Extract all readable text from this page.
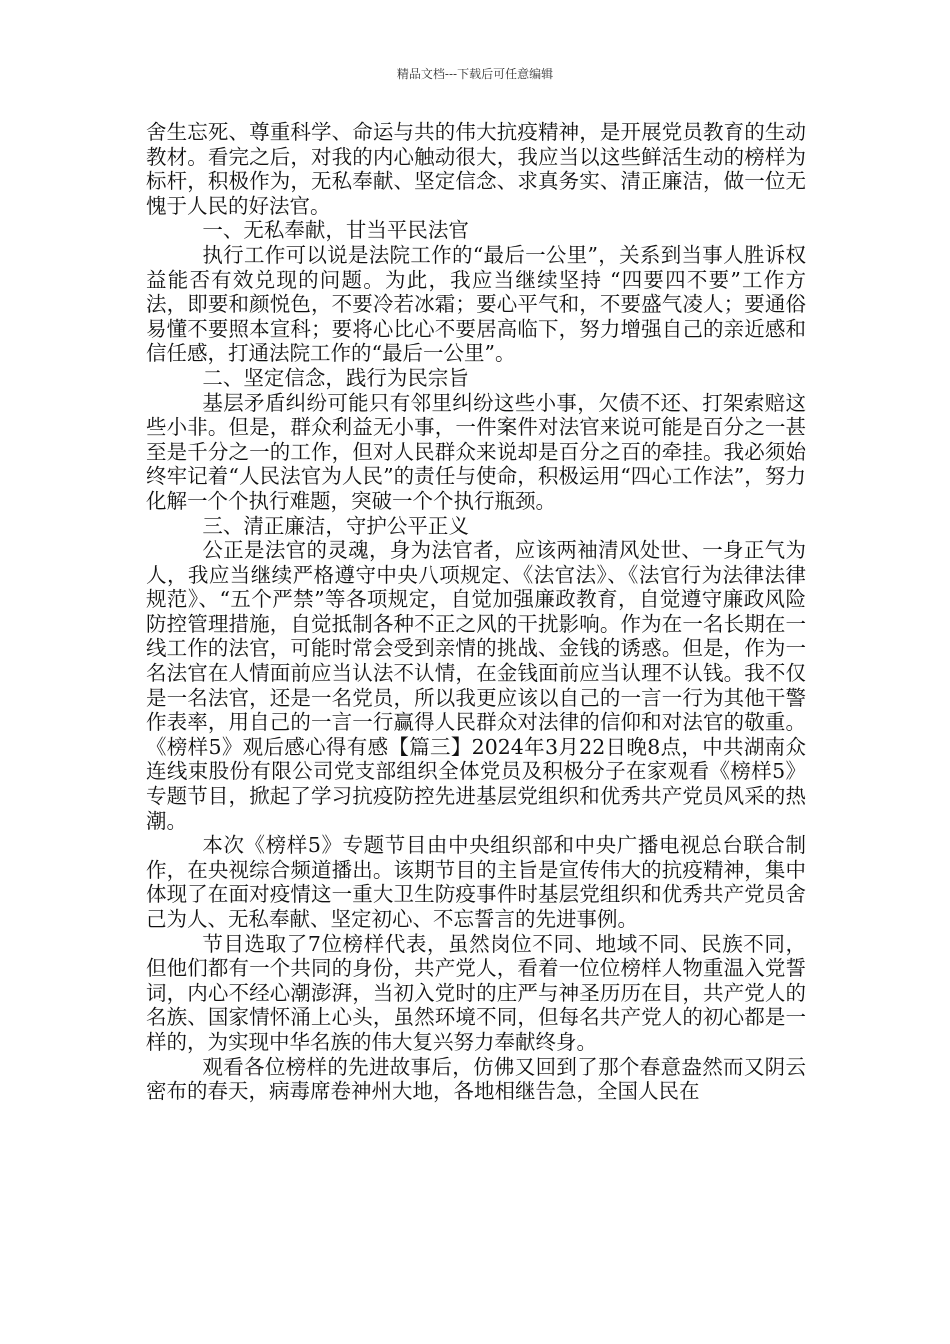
精品文档---下载后可任意编辑

舍生忘死、尊重科学、命运与共的伟大抗疫精神，是开展党员教育的生动教材。看完之后，对我的内心触动很大，我应当以这些鲜活生动的榜样为标杆，积极作为，无私奉献、坚定信念、求真务实、清正廉洁，做一位无愧于人民的好法官。

一、无私奉献，甘当平民法官

执行工作可以说是法院工作的“最后一公里”，关系到当事人胜诉权益能否有效兑现的问题。为此，我应当继续坚持 “四要四不要”工作方法，即要和颜悦色，不要冷若冰霜；要心平气和，不要盛气凌人；要通俗易懂不要照本宣科；要将心比心不要居高临下，努力增强自己的亲近感和信任感，打通法院工作的“最后一公里”。

二、坚定信念，践行为民宗旨

基层矛盾纠纷可能只有邻里纠纷这些小事，欠债不还、打架索赔这些小非。但是，群众利益无小事，一件案件对法官来说可能是百分之一甚至是千分之一的工作，但对人民群众来说却是百分之百的牵挂。我必须始终牢记着“人民法官为人民”的责任与使命，积极运用“四心工作法”，努力化解一个个执行难题，突破一个个执行瓶颈。

三、清正廉洁，守护公平正义

公正是法官的灵魂，身为法官者，应该两袖清风处世、一身正气为人，我应当继续严格遵守中央八项规定、《法官法》、《法官行为法律法律规范》、“五个严禁”等各项规定，自觉加强廉政教育，自觉遵守廉政风险防控管理措施，自觉抵制各种不正之风的干扰影响。作为在一名长期在一线工作的法官，可能时常会受到亲情的挑战、金钱的诱惑。但是，作为一名法官在人情面前应当认法不认情，在金钱面前应当认理不认钱。我不仅是一名法官，还是一名党员，所以我更应该以自己的一言一行为其他干警作表率，用自己的一言一行赢得人民群众对法律的信仰和对法官的敬重。《榜样5》观后感心得有感【篇三】2024年3月22日晚8点，中共湖南众连线束股份有限公司党支部组织全体党员及积极分子在家观看《榜样5》专题节目，掀起了学习抗疫防控先进基层党组织和优秀共产党员风采的热潮。

本次《榜样5》专题节目由中央组织部和中央广播电视总台联合制作，在央视综合频道播出。该期节目的主旨是宣传伟大的抗疫精神，集中体现了在面对疫情这一重大卫生防疫事件时基层党组织和优秀共产党员舍己为人、无私奉献、坚定初心、不忘誓言的先进事例。

节目选取了7位榜样代表，虽然岗位不同、地域不同、民族不同，但他们都有一个共同的身份，共产党人，看着一位位榜样人物重温入党誓词，内心不经心潮澎湃，当初入党时的庄严与神圣历历在目，共产党人的名族、国家情怀涌上心头，虽然环境不同，但每名共产党人的初心都是一样的，为实现中华名族的伟大复兴努力奉献终身。

观看各位榜样的先进故事后，仿佛又回到了那个春意盎然而又阴云密布的春天，病毒席卷神州大地，各地相继告急，全国人民在
